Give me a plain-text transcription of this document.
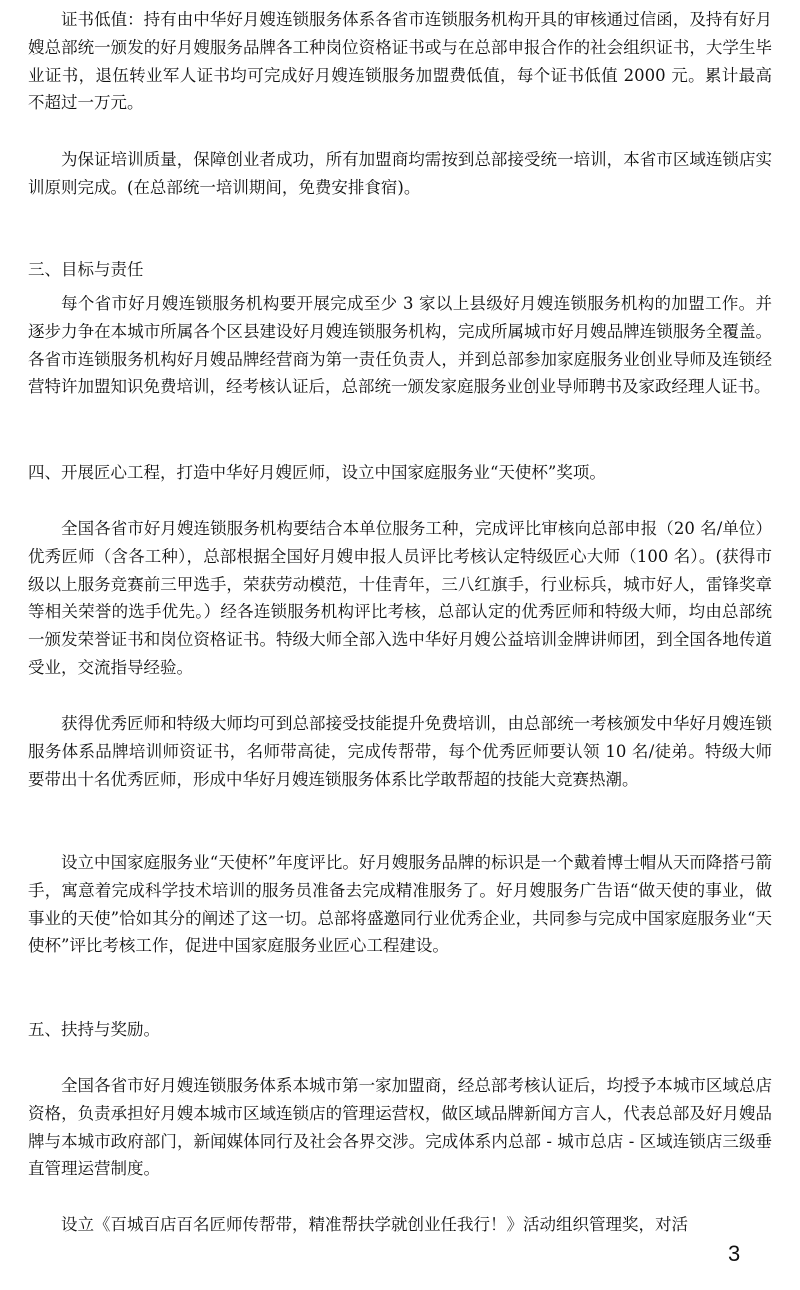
证书低值：持有由中华好月嫂连锁服务体系各省市连锁服务机构开具的审核通过信函，及持有好月嫂总部统一颁发的好月嫂服务品牌各工种岗位资格证书或与在总部申报合作的社会组织证书，大学生毕业证书，退伍转业军人证书均可完成好月嫂连锁服务加盟费低值，每个证书低值 2000 元。累计最高不超过一万元。

为保证培训质量，保障创业者成功，所有加盟商均需按到总部接受统一培训，本省市区域连锁店实训原则完成。(在总部统一培训期间，免费安排食宿)。

三、目标与责任

每个省市好月嫂连锁服务机构要开展完成至少 3 家以上县级好月嫂连锁服务机构的加盟工作。并逐步力争在本城市所属各个区县建设好月嫂连锁服务机构，完成所属城市好月嫂品牌连锁服务全覆盖。各省市连锁服务机构好月嫂品牌经营商为第一责任负责人，并到总部参加家庭服务业创业导师及连锁经营特许加盟知识免费培训，经考核认证后，总部统一颁发家庭服务业创业导师聘书及家政经理人证书。

四、开展匠心工程，打造中华好月嫂匠师，设立中国家庭服务业“天使杯”奖项。

全国各省市好月嫂连锁服务机构要结合本单位服务工种，完成评比审核向总部申报（20 名/单位）优秀匠师（含各工种），总部根据全国好月嫂申报人员评比考核认定特级匠心大师（100 名）。(获得市级以上服务竞赛前三甲选手，荣获劳动模范，十佳青年，三八红旗手，行业标兵，城市好人，雷锋奖章等相关荣誉的选手优先。）经各连锁服务机构评比考核，总部认定的优秀匠师和特级大师，均由总部统一颁发荣誉证书和岗位资格证书。特级大师全部入选中华好月嫂公益培训金牌讲师团，到全国各地传道受业，交流指导经验。

获得优秀匠师和特级大师均可到总部接受技能提升免费培训，由总部统一考核颁发中华好月嫂连锁服务体系品牌培训师资证书，名师带高徒，完成传帮带，每个优秀匠师要认领 10 名/徒弟。特级大师要带出十名优秀匠师，形成中华好月嫂连锁服务体系比学敢帮超的技能大竞赛热潮。

设立中国家庭服务业“天使杯”年度评比。好月嫂服务品牌的标识是一个戴着博士帽从天而降搭弓箭手，寓意着完成科学技术培训的服务员准备去完成精准服务了。好月嫂服务广告语“做天使的事业，做事业的天使”恰如其分的阐述了这一切。总部将盛邀同行业优秀企业，共同参与完成中国家庭服务业“天使杯”评比考核工作，促进中国家庭服务业匠心工程建设。

五、扶持与奖励。

全国各省市好月嫂连锁服务体系本城市第一家加盟商，经总部考核认证后，均授予本城市区域总店资格，负责承担好月嫂本城市区域连锁店的管理运营权，做区域品牌新闻方言人，代表总部及好月嫂品牌与本城市政府部门，新闻媒体同行及社会各界交涉。完成体系内总部 - 城市总店 - 区域连锁店三级垂直管理运营制度。

设立《百城百店百名匠师传帮带，精准帮扶学就创业任我行！》活动组织管理奖，对活

3
